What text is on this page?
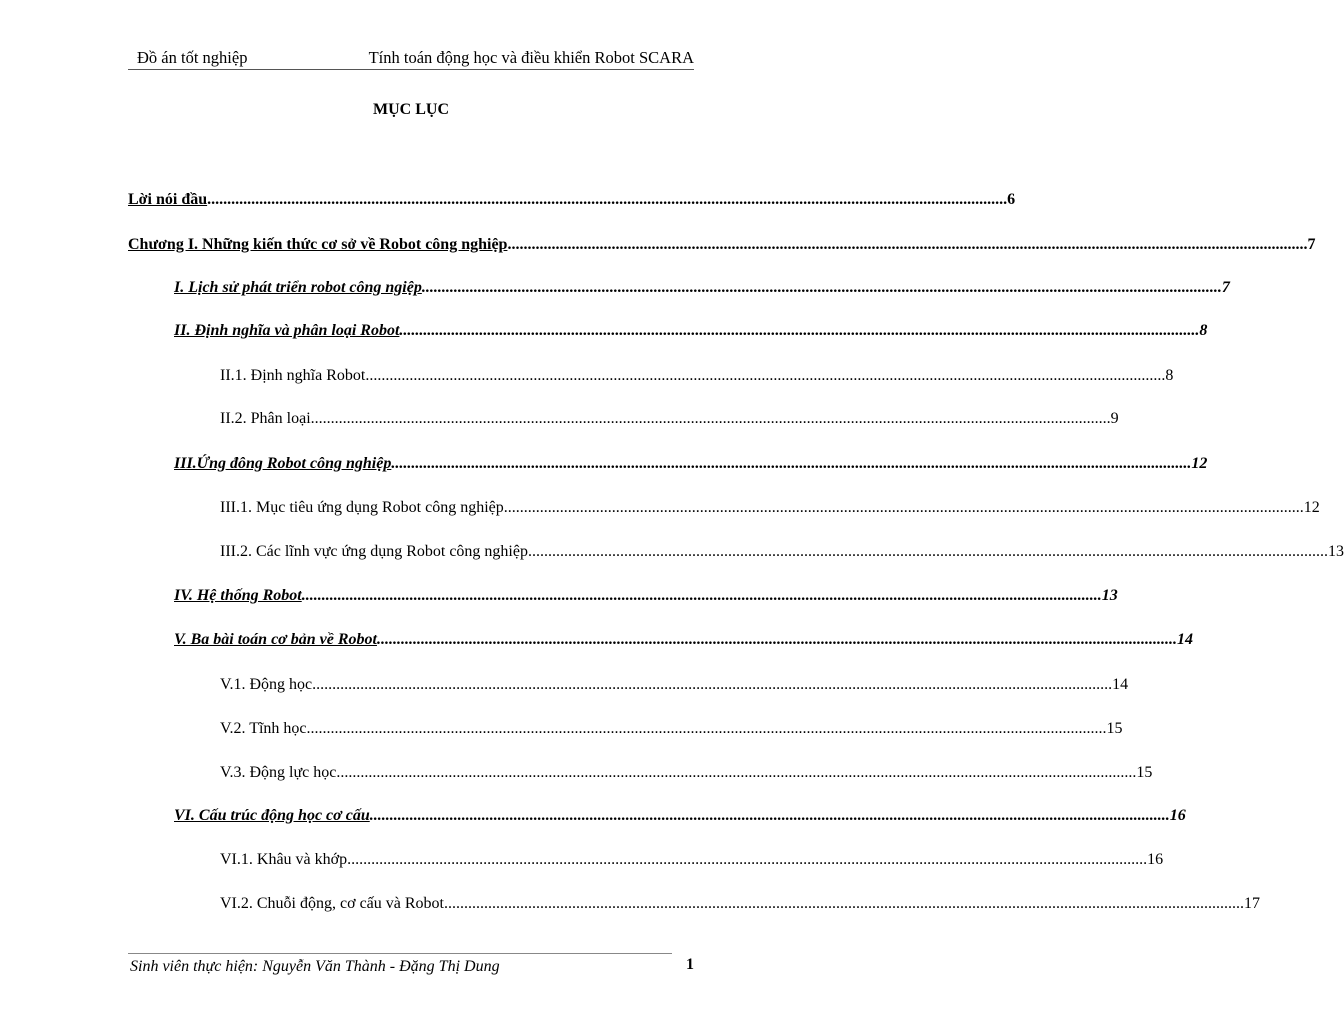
Đồ án tốt nghiệp	Tính toán động học và điều khiển Robot SCARA
MỤC LỤC
Lời nói đầu ........................................................................................................................................................................................................ 6
Chương I. Những kiến thức cơ sở về Robot công nghiệp ........................................................................................................................................................................................................ 7
I. Lịch sử phát triển robot công ngiệp ........................................................................................................................................................................................................ 7
II. Định nghĩa và phân loại Robot ........................................................................................................................................................................................................ 8
II.1. Định nghĩa Robot ........................................................................................................................................................................................................ 8
II.2. Phân loại ........................................................................................................................................................................................................ 9
III.Ứng đông Robot công nghiệp ........................................................................................................................................................................................................ 12
III.1. Mục tiêu ứng dụng Robot công nghiệp ........................................................................................................................................................................................................ 12
III.2. Các lĩnh vực ứng dụng Robot công nghiệp ........................................................................................................................................................................................................ 13
IV. Hệ thống Robot ........................................................................................................................................................................................................ 13
V. Ba bài toán cơ bản về Robot ........................................................................................................................................................................................................ 14
V.1. Động học ........................................................................................................................................................................................................ 14
V.2. Tĩnh học ........................................................................................................................................................................................................ 15
V.3. Động lực học ........................................................................................................................................................................................................ 15
VI. Cấu trúc động học cơ cấu ........................................................................................................................................................................................................ 16
VI.1. Khâu và khớp ........................................................................................................................................................................................................ 16
VI.2. Chuỗi động, cơ cấu và Robot ........................................................................................................................................................................................................ 17
Sinh viên thực hiện: Nguyễn Văn Thành - Đặng Thị Dung	1
